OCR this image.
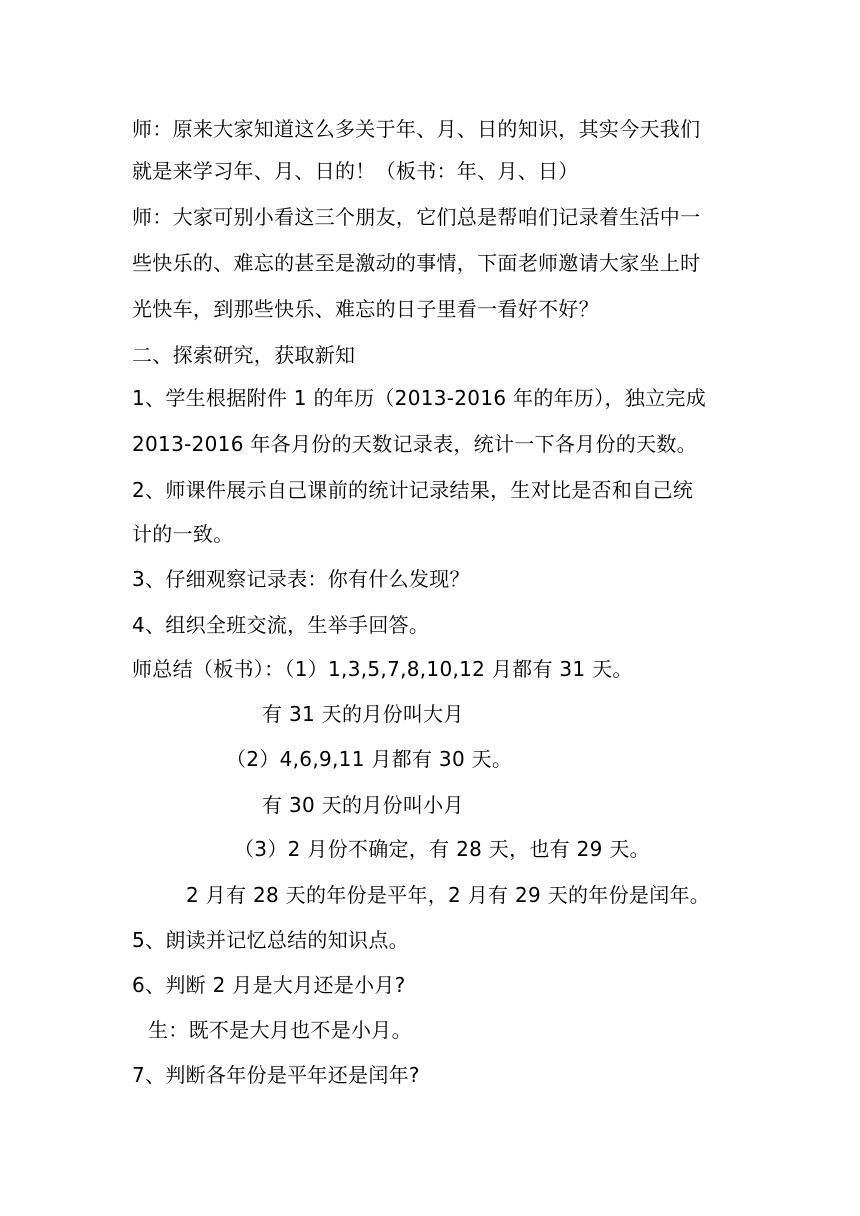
师：原来大家知道这么多关于年、月、日的知识，其实今天我们
就是来学习年、月、日的！（板书：年、月、日）
师：大家可别小看这三个朋友，它们总是帮咱们记录着生活中一
些快乐的、难忘的甚至是激动的事情，下面老师邀请大家坐上时
光快车，到那些快乐、难忘的日子里看一看好不好？
二、探索研究，获取新知
1、学生根据附件 1 的年历（2013-2016 年的年历），独立完成
2013-2016 年各月份的天数记录表，统计一下各月份的天数。
2、师课件展示自己课前的统计记录结果，生对比是否和自己统
计的一致。
3、仔细观察记录表：你有什么发现？
4、组织全班交流，生举手回答。
师总结（板书）：（1）1,3,5,7,8,10,12 月都有 31 天。
有 31 天的月份叫大月
（2）4,6,9,11 月都有 30 天。
有 30 天的月份叫小月
（3）2 月份不确定，有 28 天，也有 29 天。
2 月有 28 天的年份是平年，2 月有 29 天的年份是闰年。
5、朗读并记忆总结的知识点。
6、判断 2 月是大月还是小月?
生：既不是大月也不是小月。
7、判断各年份是平年还是闰年?
